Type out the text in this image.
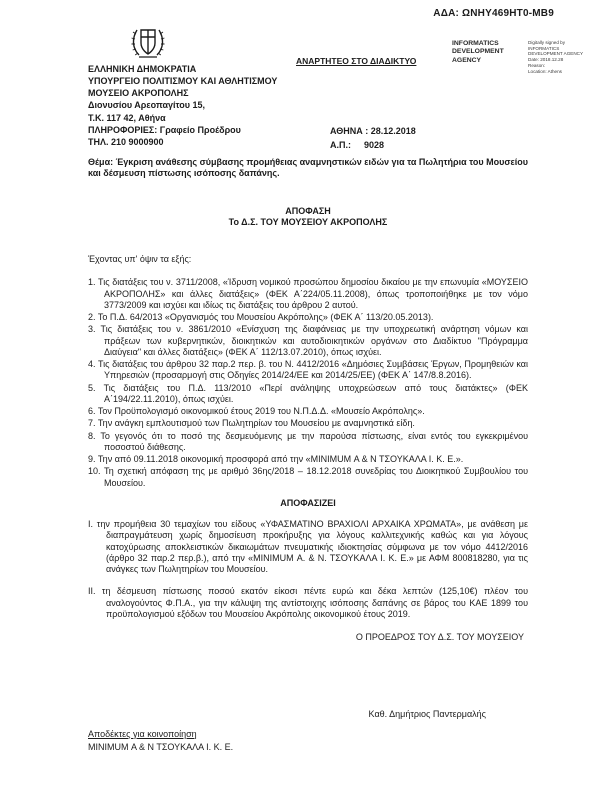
ΑΔΑ: ΩΝΗΥ469ΗΤ0-ΜΒ9
ΑΝΑΡΤΗΤΕΟ ΣΤΟ ΔΙΑΔΙΚΤΥΟ
INFORMATICS DEVELOPMENT AGENCY
Digitally signed by
INFORMATICS
DEVELOPMENT AGENCY
Date: 2018.12.28
Reason:
Location: Athens
ΕΛΛΗΝΙΚΗ ΔΗΜΟΚΡΑΤΙΑ
ΥΠΟΥΡΓΕΙΟ ΠΟΛΙΤΙΣΜΟΥ ΚΑΙ ΑΘΛΗΤΙΣΜΟΥ
ΜΟΥΣΕΙΟ ΑΚΡΟΠΟΛΗΣ
Διονυσίου Αρεοπαγίτου 15,
Τ.Κ. 117 42, Αθήνα
ΠΛΗΡΟΦΟΡΙΕΣ: Γραφείο Προέδρου
ΤΗΛ. 210 9000900
ΑΘΗΝΑ : 28.12.2018
Α.Π.:	9028
Θέμα: Έγκριση ανάθεσης σύμβασης προμήθειας αναμνηστικών ειδών για τα Πωλητήρια του Μουσείου και δέσμευση πίστωσης ισόποσης δαπάνης.
ΑΠΟΦΑΣΗ
Το Δ.Σ. ΤΟΥ ΜΟΥΣΕΙΟΥ ΑΚΡΟΠΟΛΗΣ
Έχοντας υπ' όψιν τα εξής:
1. Τις διατάξεις του ν. 3711/2008, «Ίδρυση νομικού προσώπου δημοσίου δικαίου με την επωνυμία «ΜΟΥΣΕΙΟ ΑΚΡΟΠΟΛΗΣ» και άλλες διατάξεις» (ΦΕΚ Α΄224/05.11.2008), όπως τροποποιήθηκε με τον νόμο 3773/2009 και ισχύει και ιδίως τις διατάξεις του άρθρου 2 αυτού.
2. Το Π.Δ. 64/2013 «Οργανισμός του Μουσείου Ακρόπολης» (ΦΕΚ Α΄ 113/20.05.2013).
3. Τις διατάξεις του ν. 3861/2010 «Ενίσχυση της διαφάνειας με την υποχρεωτική ανάρτηση νόμων και πράξεων των κυβερνητικών, διοικητικών και αυτοδιοικητικών οργάνων στο Διαδίκτυο "Πρόγραμμα Διαύγεια" και άλλες διατάξεις» (ΦΕΚ Α΄ 112/13.07.2010), όπως ισχύει.
4. Τις διατάξεις του άρθρου 32 παρ.2 περ. β. του Ν. 4412/2016 «Δημόσιες Συμβάσεις Έργων, Προμηθειών και Υπηρεσιών (προσαρμογή στις Οδηγίες 2014/24/ΕΕ και 2014/25/ΕΕ) (ΦΕΚ Α΄ 147/8.8.2016).
5. Τις διατάξεις του Π.Δ. 113/2010 «Περί ανάληψης υποχρεώσεων από τους διατάκτες» (ΦΕΚ Α΄194/22.11.2010), όπως ισχύει.
6. Τον Προϋπολογισμό οικονομικού έτους 2019 του Ν.Π.Δ.Δ. «Μουσείο Ακρόπολης».
7. Την ανάγκη εμπλουτισμού των Πωλητηρίων του Μουσείου με αναμνηστικά είδη.
8. Το γεγονός ότι το ποσό της δεσμευόμενης με την παρούσα πίστωσης, είναι εντός του εγκεκριμένου ποσοστού διάθεσης.
9. Την από 09.11.2018 οικονομική προσφορά από την «MINIMUM Α & Ν ΤΣΟΥΚΑΛΑ Ι. Κ. Ε.».
10. Τη σχετική απόφαση της με αριθμό 36ης/2018 – 18.12.2018 συνεδρίας του Διοικητικού Συμβουλίου του Μουσείου.
ΑΠΟΦΑΣΙΖΕΙ
I. την προμήθεια 30 τεμαχίων του είδους «ΥΦΑΣΜΑΤΙΝΟ ΒΡΑΧΙΟΛΙ ΑΡΧΑΙΚΑ ΧΡΩΜΑΤΑ», με ανάθεση με διαπραγμάτευση χωρίς δημοσίευση προκήρυξης για λόγους καλλιτεχνικής καθώς και για λόγους κατοχύρωσης αποκλειστικών δικαιωμάτων πνευματικής ιδιοκτησίας σύμφωνα με τον νόμο 4412/2016 (άρθρο 32 παρ.2 περ.β.), από την «MINIMUM Α. & Ν. ΤΣΟΥΚΑΛΑ Ι. Κ. Ε.» με ΑΦΜ 800818280, για τις ανάγκες των Πωλητηρίων του Μουσείου.
II. τη δέσμευση πίστωσης ποσού εκατόν είκοσι πέντε ευρώ και δέκα λεπτών (125,10€) πλέον του αναλογούντος Φ.Π.Α., για την κάλυψη της αντίστοιχης ισόποσης δαπάνης σε βάρος του ΚΑΕ 1899 του προϋπολογισμού εξόδων του Μουσείου Ακρόπολης οικονομικού έτους 2019.
Ο ΠΡΟΕΔΡΟΣ ΤΟΥ Δ.Σ. ΤΟΥ ΜΟΥΣΕΙΟΥ
Καθ. Δημήτριος Παντερμαλής
Αποδέκτες για κοινοποίηση
MINIMUM Α & Ν ΤΣΟΥΚΑΛΑ Ι. Κ. Ε.
